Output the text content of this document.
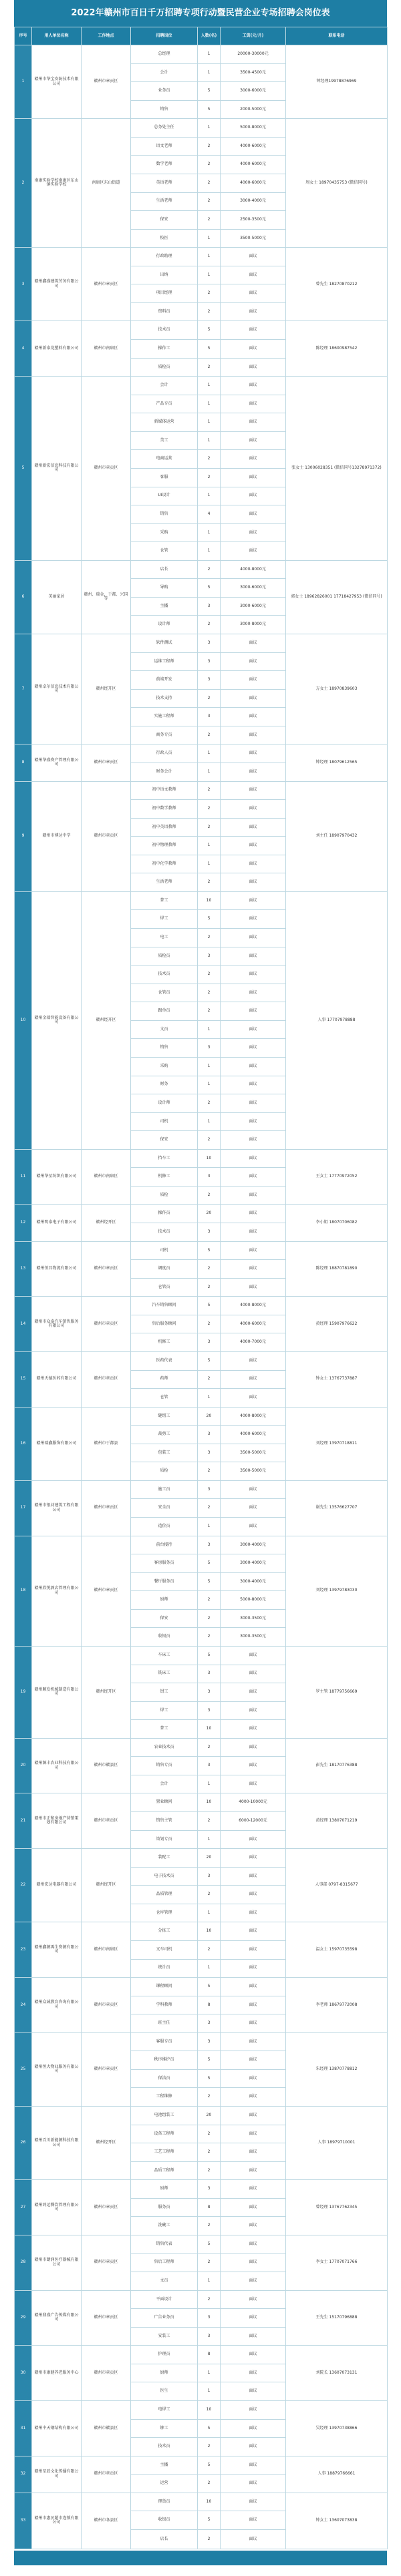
2022年赣州市百日千万招聘专项行动暨民营企业专场招聘会岗位表
序号	用人单位名称	工作地点	招聘岗位	人数(名)	工资(元/月)	联系电话
1	赣州市华宝安防技术有限公司	赣州市章贡区	总经理	1	20000-30000元	钟经理19978876969
			会计	1	3500-4500元	
			业务员	5	3000-6000元	
			销售	5	2000-5000元	
2	南康实验学校南康区东山镇实验学校	南康区东山街道	总务处主任	1	5000-8000元	周女士 18970435753 (微信同号)
			语文老师	2	4000-6000元	
			数学老师	2	4000-6000元	
			英语老师	2	4000-6000元	
			生活老师	2	3000-4000元	
			保安	2	2500-3500元	
			校医	1	3500-5000元	
3	赣州鑫盛建筑劳务有限公司	赣州市章贡区	行政助理	1	面议	曾先生 18270870212
			出纳	1	面议	
			项目经理	2	面议	
			资料员	2	面议	
4	赣州新泰龙塑料有限公司	赣州市南康区	技术员	5	面议	陈经理 18600987542
			操作工	5	面议	
			质检员	2	面议	
5	赣州新宏信息科技有限公司	赣州市章贡区	会计	1	面议	张女士 13006028351 (微信同号13278971372)
			产品专员	1	面议	
			新媒体运营	1	面议	
			美工	1	面议	
			电商运营	2	面议	
			客服	2	面议	
			UI设计	1	面议	
			销售	4	面议	
			采购	1	面议	
			仓管	1	面议	
6	美丽家居	赣州、瑞金、于都、兴国等	店长	2	4000-8000元	郭女士 18962826001 17718427953 (微信同号)
			导购	5	3000-6000元	
			主播	3	3000-6000元	
			设计师	2	3000-8000元	
7	赣州卓尔信息技术有限公司	赣州经开区	软件测试	3	面议	方女士 18970839603
			运维工程师	3	面议	
			前端开发	3	面议	
			技术支持	2	面议	
			实施工程师	3	面议	
			商务专员	2	面议	
8	赣州华盛资产管理有限公司	赣州市章贡区	行政人员	1	面议	钟经理 18079612565
			财务会计	1	面议	
9	赣州市博达中学	赣州市章贡区	初中语文教师	2	面议	刘主任 18907970432
			初中数学教师	2	面议	
			初中英语教师	2	面议	
			初中物理教师	1	面议	
			初中化学教师	1	面议	
			生活老师	2	面议	
10	赣州金瑞智能设备有限公司	赣州经开区	普工	10	面议	人事 17707978888
			焊工	5	面议	
			电工	2	面议	
			质检员	3	面议	
			技术员	2	面议	
			仓管员	2	面议	
			跟单员	2	面议	
			文员	1	面议	
			销售	3	面议	
			采购	1	面议	
			财务	1	面议	
			设计师	2	面议	
			司机	1	面议	
			保安	2	面议	
11	赣州华星纺织有限公司	赣州市南康区	挡车工	10	面议	王女士 17770972052
			机修工	3	面议	
			质检	2	面议	
12	赣州明泰电子有限公司	赣州经开区	操作员	20	面议	李小姐 18070706082
			技术员	3	面议	
13	赣州恒昌物流有限公司	赣州市章贡区	司机	5	面议	陈经理 18870781890
			调度员	2	面议	
			仓管员	2	面议	
14	赣州市众泰汽车销售服务有限公司	赣州市章贡区	汽车销售顾问	5	4000-8000元	黄经理 15907976622
			售后服务顾问	2	4000-6000元	
			机修工	3	4000-7000元	
15	赣州天德医药有限公司	赣州市章贡区	医药代表	5	面议	钟女士 13767737887
			药师	2	面议	
			仓管	1	面议	
16	赣州瑞鑫服饰有限公司	赣州市于都县	缝纫工	20	4000-8000元	刘经理 13970718811
			裁剪工	3	4000-6000元	
			包装工	3	3500-5000元	
			质检	2	3500-5000元	
17	赣州市银河建筑工程有限公司	赣州市章贡区	施工员	3	面议	谢先生 13576627707
			安全员	2	面议	
			造价员	1	面议	
18	赣州欣悦酒店管理有限公司	赣州市章贡区	前台接待	3	3000-4000元	刘经理 13979783030
			客房服务员	5	3000-4000元	
			餐厅服务员	5	3000-4000元	
			厨师	2	5000-8000元	
			保安	2	3000-3500元	
			收银员	2	3000-3500元	
19	赣州顺发机械制造有限公司	赣州经开区	车床工	5	面议	罗主管 18779756669
			铣床工	3	面议	
			钳工	3	面议	
			焊工	3	面议	
			普工	10	面议	
20	赣州源丰农业科技有限公司	赣州市赣县区	农业技术员	2	面议	彭先生 18170776388
			销售专员	3	面议	
			会计	1	面议	
21	赣州市正和房地产营销策划有限公司	赣州市章贡区	置业顾问	10	4000-10000元	黄经理 13807071219
			销售主管	2	6000-12000元	
			策划专员	1	面议	
22	赣州宏达电器有限公司	赣州经开区	装配工	20	面议	人事部 0797-8315677
			电子技术员	3	面议	
			品质管理	2	面议	
			仓库管理	1	面议	
23	赣州鑫源再生资源有限公司	赣州市南康区	分拣工	10	面议	温女士 15970735598
			叉车司机	2	面议	
			统计员	1	面议	
24	赣州众诚教育咨询有限公司	赣州市章贡区	课程顾问	5	面议	李老师 18679772008
			学科教师	8	面议	
			班主任	3	面议	
25	赣州恒大物业服务有限公司	赣州市章贡区	客服专员	3	面议	朱经理 13870778812
			秩序维护员	5	面议	
			保洁员	5	面议	
			工程维修	2	面议	
26	赣州百川新能源科技有限公司	赣州经开区	电池组装工	20	面议	人事 18979710001
			设备工程师	2	面议	
			工艺工程师	2	面议	
			品质工程师	2	面议	
27	赣州鸿运餐饮管理有限公司	赣州市章贡区	厨师	3	面议	曾经理 13767762345
			服务员	8	面议	
			洗碗工	2	面议	
28	赣州市朗润医疗器械有限公司	赣州市章贡区	销售代表	5	面议	李女士 17707071766
			售后工程师	2	面议	
			文员	1	面议	
29	赣州鼎盛广告传媒有限公司	赣州市章贡区	平面设计	2	面议	王先生 15170796888
			广告业务员	3	面议	
			安装工	3	面议	
30	赣州市康健养老服务中心	赣州市章贡区	护理员	8	面议	刘院长 13607073131
			厨师	1	面议	
			医生	1	面议	
31	赣州中天钢结构有限公司	赣州市赣县区	电焊工	10	面议	吴经理 13970738866
			铆工	5	面议	
			技术员	2	面议	
32	赣州星辰文化传播有限公司	赣州市章贡区	主播	5	面议	人事 18879766661
			运营	2	面议	
33	赣州市惠民超市连锁有限公司	赣州市各县区	理货员	10	面议	钟女士 13607073838
			收银员	5	面议	
			店长	2	面议	
